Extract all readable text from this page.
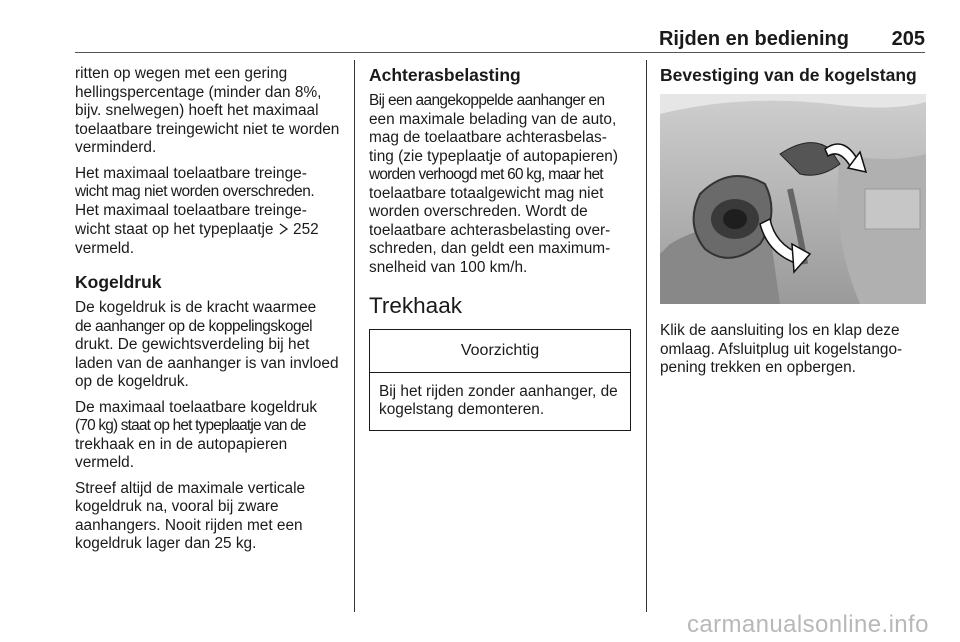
Rijden en bediening 205

ritten op wegen met een gering hellingspercentage (minder dan 8%, bijv. snelwegen) hoeft het maximaal toelaatbare treingewicht niet te worden verminderd.

Het maximaal toelaatbare treinge-
wicht mag niet worden overschreden.
Het maximaal toelaatbare treinge- wicht staat op het typeplaatje  252
vermeld.

Kogeldruk

De kogeldruk is de kracht waarmee
de aanhanger op de koppelingskogel
drukt. De gewichtsverdeling bij het laden van de aanhanger is van invloed op de kogeldruk.

De maximaal toelaatbare kogeldruk
(70 kg) staat op het typeplaatje van de
trekhaak en in de autopapieren vermeld.

Streef altijd de maximale verticale kogeldruk na, vooral bij zware aanhangers. Nooit rijden met een kogeldruk lager dan 25 kg.

Achterasbelasting

Bij een aangekoppelde aanhanger en
een maximale belading van de auto, mag de toelaatbare achterasbelas- ting (zie typeplaatje of autopapieren)
worden verhoogd met 60 kg, maar het
toelaatbare totaalgewicht mag niet worden overschreden. Wordt de toelaatbare achterasbelasting over- schreden, dan geldt een maximum- snelheid van 100 km/h.

Trekhaak
Voorzichtig
Bij het rijden zonder aanhanger, de kogelstang demonteren.
Bevestiging van de kogelstang

Klik de aansluiting los en klap deze omlaag. Afsluitplug uit kogelstango- pening trekken en opbergen.

carmanualsonline.info
